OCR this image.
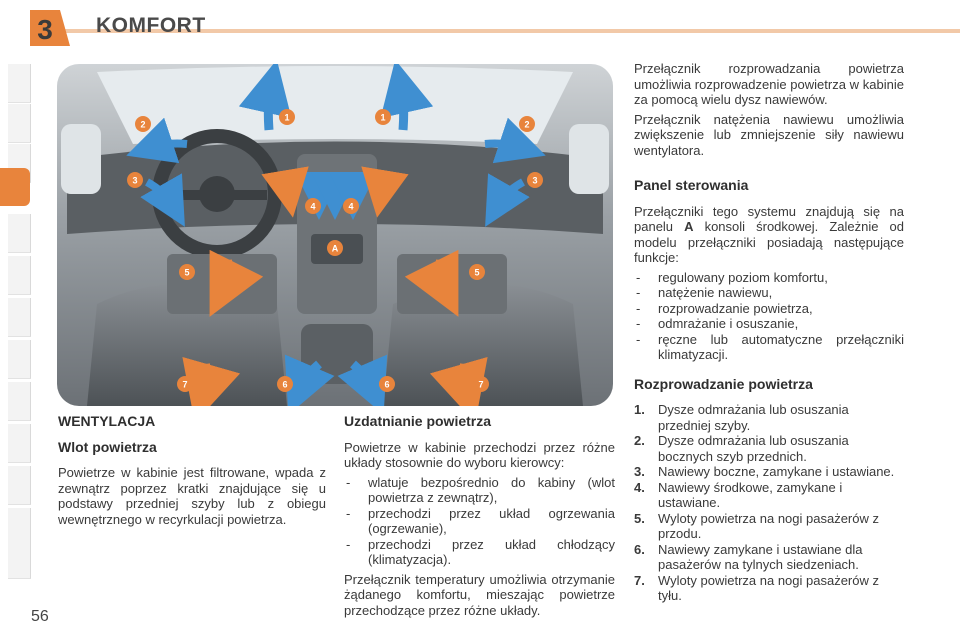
3 KOMFORT
1	1
2	2
3	3
4	4
5	5
6	6
7	7
A
WENTYLACJA
Wlot powietrza

Powietrze w kabinie jest filtrowane, wpada z zewnątrz poprzez kratki znajdujące się u podstawy przedniej szyby lub z obiegu wewnętrznego w recyrkulacji powietrza.

Uzdatnianie powietrza

Powietrze w kabinie przechodzi przez różne układy stosownie do wyboru kierowcy:

- wlatuje bezpośrednio do kabiny (wlot powietrza z zewnątrz),
- przechodzi przez układ ogrzewania (ogrzewanie),
- przechodzi przez układ chłodzący (klimatyzacja).

Przełącznik temperatury umożliwia otrzymanie żądanego komfortu, mieszając powietrze przechodzące przez różne układy.

Przełącznik rozprowadzania powietrza umożliwia rozprowadzenie powietrza w kabinie za pomocą wielu dysz nawiewów.

Przełącznik natężenia nawiewu umożliwia zwiększenie lub zmniejszenie siły nawiewu wentylatora.

Panel sterowania

Przełączniki tego systemu znajdują się na panelu A konsoli środkowej. Zależnie od modelu przełączniki posiadają następujące funkcje:

- regulowany poziom komfortu,
- natężenie nawiewu,
- rozprowadzanie powietrza,
- odmrażanie i osuszanie,
- ręczne lub automatyczne przełączniki klimatyzacji.
Rozprowadzanie powietrza
1. Dysze odmrażania lub osuszania przedniej szyby.
2. Dysze odmrażania lub osuszania bocznych szyb przednich.
3. Nawiewy boczne, zamykane i ustawiane.
4. Nawiewy środkowe, zamykane i ustawiane.
5. Wyloty powietrza na nogi pasażerów z przodu.
6. Nawiewy zamykane i ustawiane dla pasażerów na tylnych siedzeniach.
7. Wyloty powietrza na nogi pasażerów z tyłu.
56
